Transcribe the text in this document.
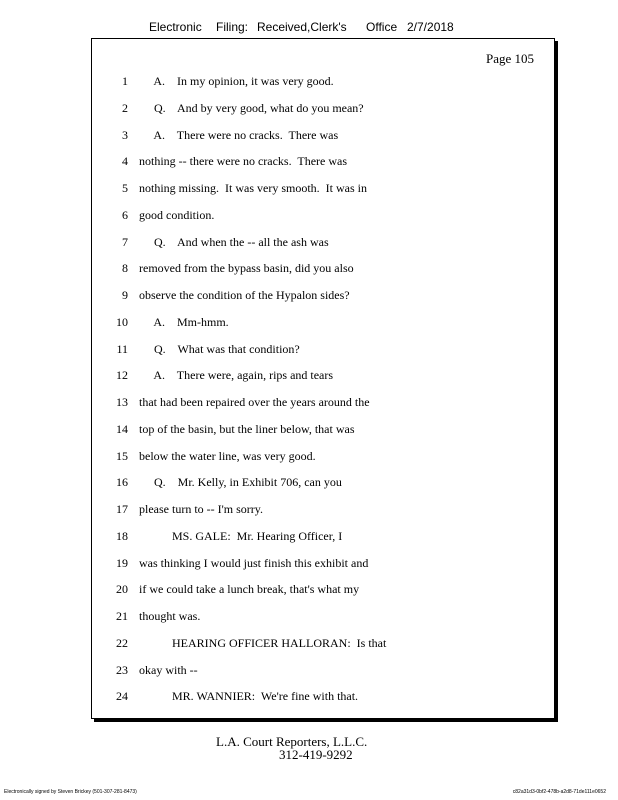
Electronic Filing: Received,Clerk's Office 2/7/2018
Page 105
1 A.    In my opinion, it was very good.
2 Q.    And by very good, what do you mean?
3 A.    There were no cracks.  There was
4 nothing -- there were no cracks.  There was
5 nothing missing.  It was very smooth.  It was in
6 good condition.
7 Q.    And when the -- all the ash was
8 removed from the bypass basin, did you also
9 observe the condition of the Hypalon sides?
10 A.    Mm-hmm.
11 Q.    What was that condition?
12 A.    There were, again, rips and tears
13 that had been repaired over the years around the
14 top of the basin, but the liner below, that was
15 below the water line, was very good.
16 Q.    Mr. Kelly, in Exhibit 706, can you
17 please turn to -- I'm sorry.
18 MS. GALE:  Mr. Hearing Officer, I
19 was thinking I would just finish this exhibit and
20 if we could take a lunch break, that's what my
21 thought was.
22 HEARING OFFICER HALLORAN:  Is that
23 okay with --
24 MR. WANNIER:  We're fine with that.
L.A. Court Reporters, L.L.C.
312-419-9292
Electronically signed by Steven Brickey (501-307-281-8473)	c82a31d3-0bf2-478b-a2d8-71de111e0652
